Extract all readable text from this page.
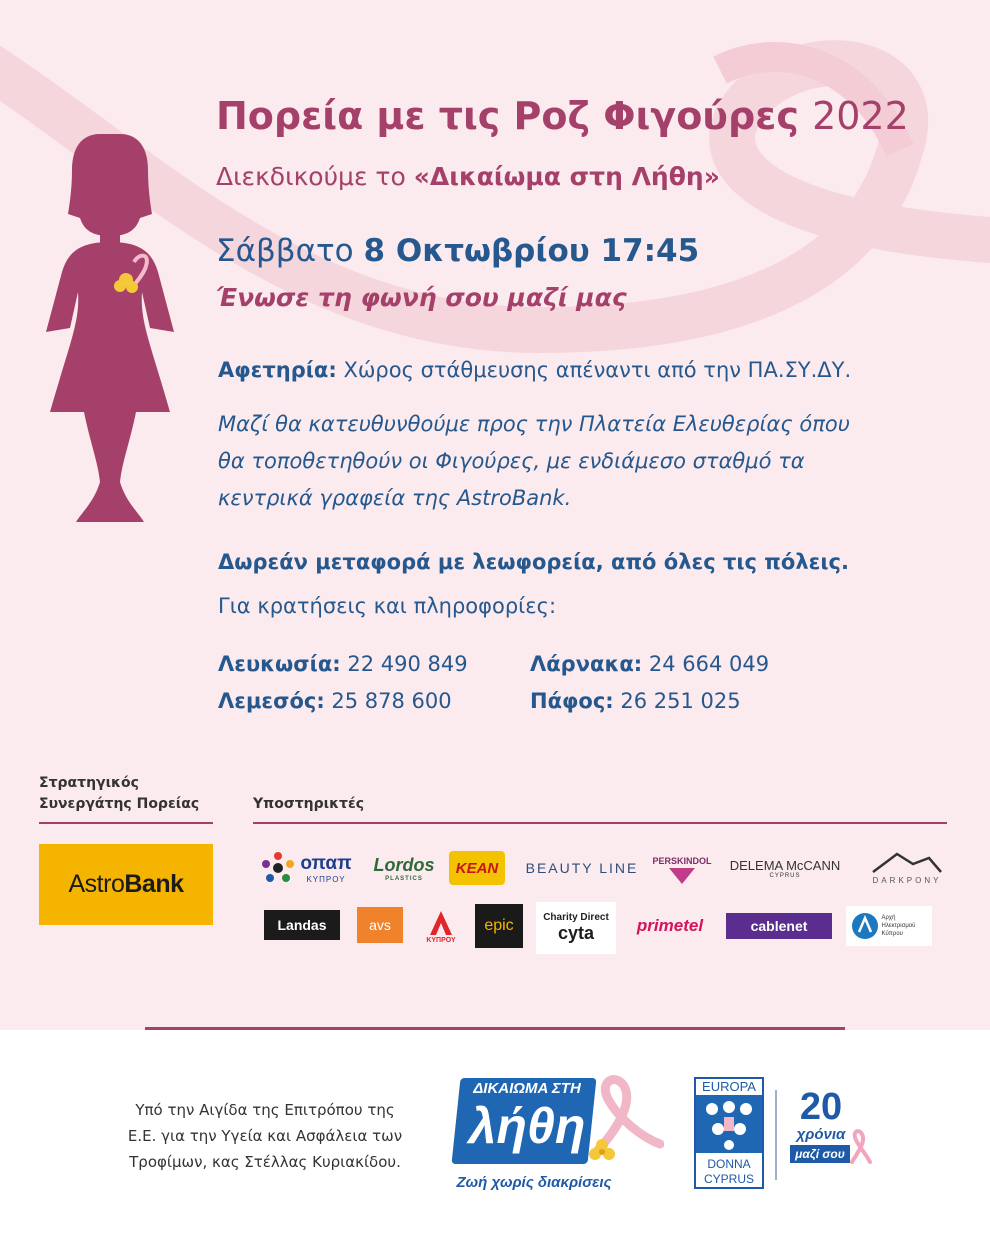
Πορεία με τις Ροζ Φιγούρες 2022
Διεκδικούμε το «Δικαίωμα στη Λήθη»
Σάββατο 8 Οκτωβρίου 17:45
Ένωσε τη φωνή σου μαζί μας
Αφετηρία: Χώρος στάθμευσης απέναντι από την ΠΑ.ΣΥ.ΔΥ.
Μαζί θα κατευθυνθούμε προς την Πλατεία Ελευθερίας όπου
θα τοποθετηθούν οι Φιγούρες, με ενδιάμεσο σταθμό τα
κεντρικά γραφεία της AstroBank.
Δωρεάν μεταφορά με λεωφορεία, από όλες τις πόλεις.
Για κρατήσεις και πληροφορίες:
Λευκωσία: 22 490 849	Λάρνακα: 24 664 049
Λεμεσός: 25 878 600	Πάφος: 26 251 025
Στρατηγικός
Συνεργάτης Πορείας	Υποστηρικτές
Astro Bank
οπαπ
ΚΥΠΡΟΥ
Lordos
PLASTICS
KEAN BEAUTY LINE PERSKINDOL DELEMA McCANN
CYPRUS	DARKPONY
Landas	avs
ΚΥΠΡΟΥ
epic	Charity Direct
cyta	primetel	cablenet	Αρχή Ηλεκτρισμού Κύπρου
Υπό την Αιγίδα της Επιτρόπου της
Ε.Ε. για την Υγεία και Ασφάλεια των
Τροφίμων, κας Στέλλας Κυριακίδου.
ΔΙΚΑΙΩΜΑ ΣΤΗ
λήθη
Ζωή χωρίς διακρίσεις
EUROPA
DONNA
CYPRUS
20
χρόνια
μαζί σου
